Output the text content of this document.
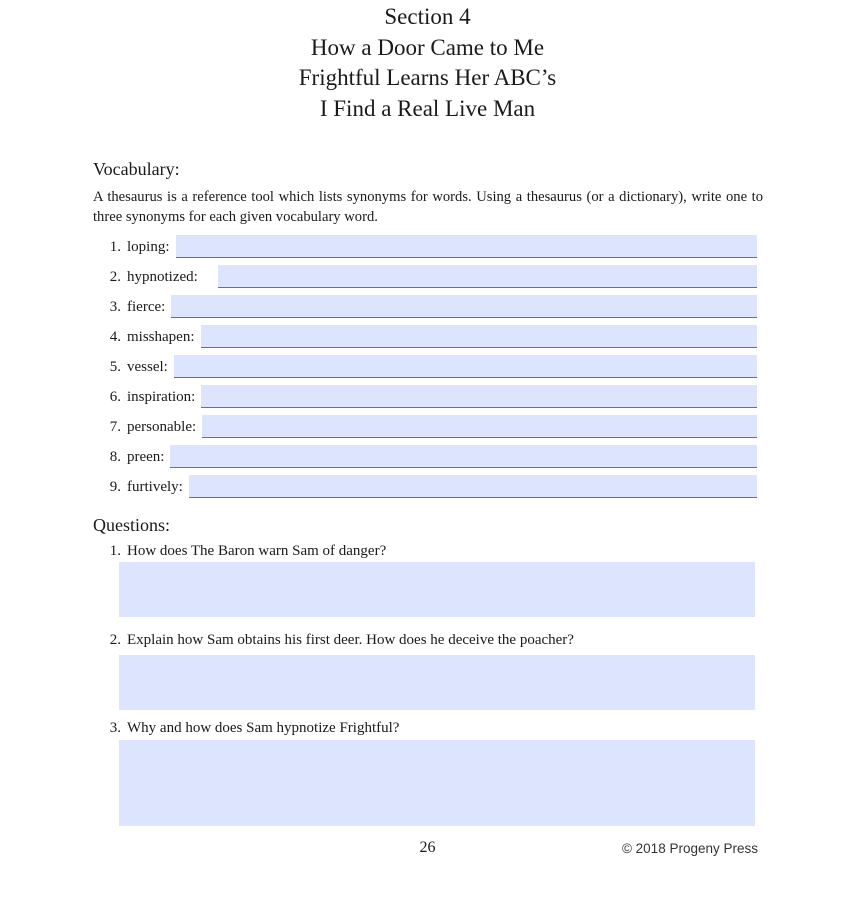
Section 4
How a Door Came to Me
Frightful Learns Her ABC’s
I Find a Real Live Man
Vocabulary:
A thesaurus is a reference tool which lists synonyms for words. Using a thesaurus (or a dictionary), write one to three synonyms for each given vocabulary word.
1. loping:
2. hypnotized:
3. fierce:
4. misshapen:
5. vessel:
6. inspiration:
7. personable:
8. preen:
9. furtively:
Questions:
1. How does The Baron warn Sam of danger?
2. Explain how Sam obtains his first deer. How does he deceive the poacher?
3. Why and how does Sam hypnotize Frightful?
26	© 2018 Progeny Press
